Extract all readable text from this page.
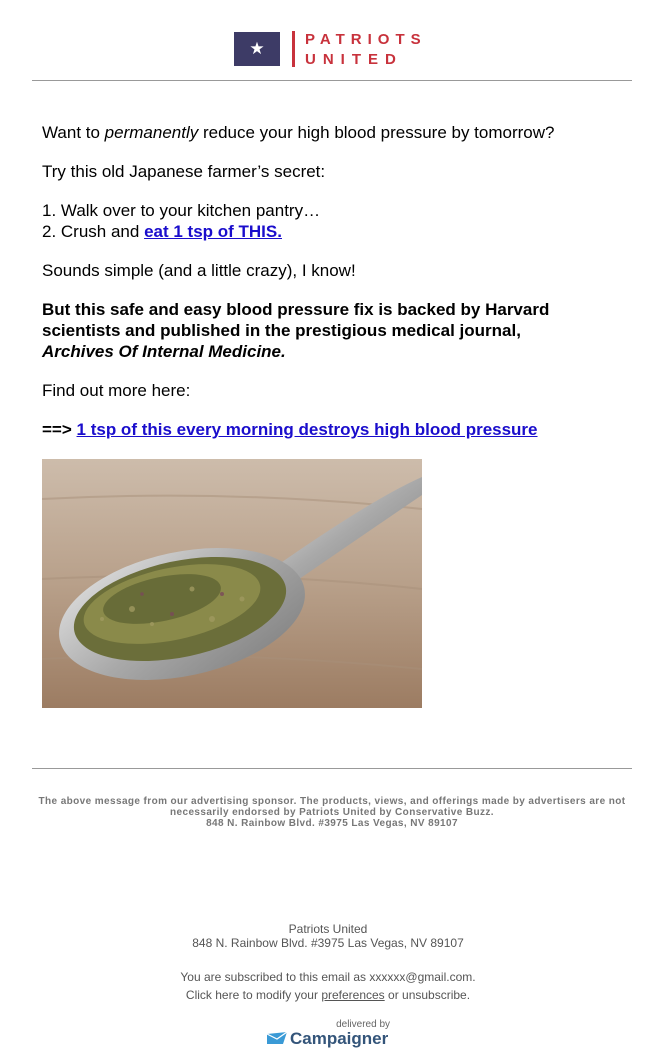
★	PATRIOTS
UNITED

Want to permanently reduce your high blood pressure by tomorrow?

Try this old Japanese farmer’s secret:

1. Walk over to your kitchen pantry…
2. Crush and eat 1 tsp of THIS.

Sounds simple (and a little crazy), I know!

But this safe and easy blood pressure fix is backed by Harvard scientists and published in the prestigious medical journal,
Archives Of Internal Medicine.

Find out more here:

==> 1 tsp of this every morning destroys high blood pressure

The above message from our advertising sponsor. The products, views, and offerings made by advertisers are not necessarily endorsed by Patriots United by Conservative Buzz.
848 N. Rainbow Blvd. #3975 Las Vegas, NV 89107
Patriots United
848 N. Rainbow Blvd. #3975 Las Vegas, NV 89107
You are subscribed to this email as xxxxxx@gmail.com.
Click here to modify your preferences or unsubscribe.
delivered by
Campaigner
